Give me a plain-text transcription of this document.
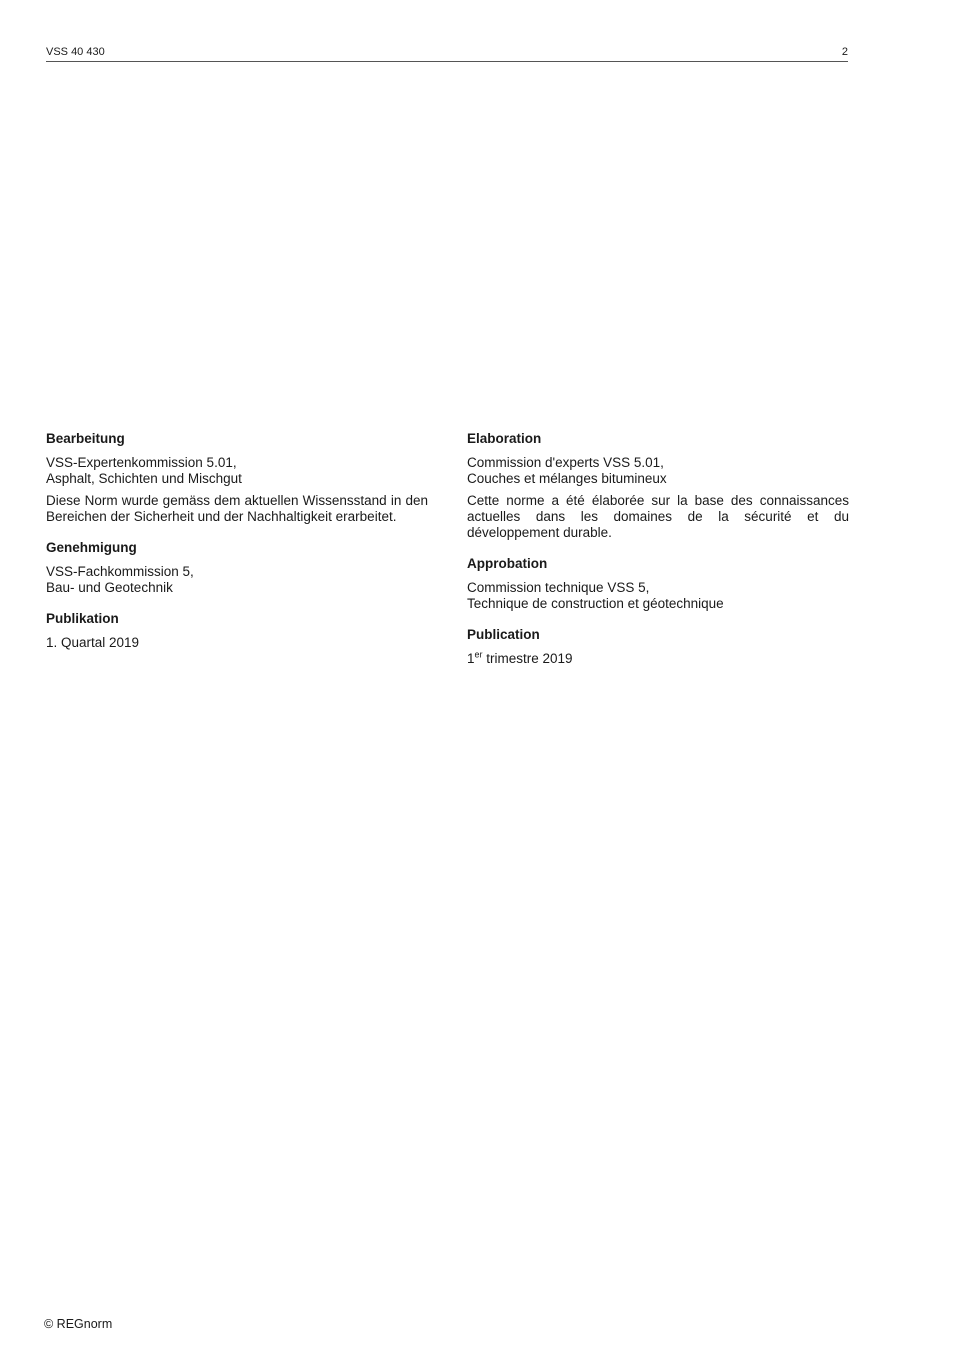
VSS 40 430	2
Bearbeitung
VSS-Expertenkommission 5.01,
Asphalt, Schichten und Mischgut
Diese Norm wurde gemäss dem aktuellen Wissensstand in den Bereichen der Sicherheit und der Nachhaltigkeit erarbeitet.
Genehmigung
VSS-Fachkommission 5,
Bau- und Geotechnik
Publikation
1. Quartal 2019
Elaboration
Commission d'experts VSS 5.01,
Couches et mélanges bitumineux
Cette norme a été élaborée sur la base des connaissances actuelles dans les domaines de la sécurité et du développement durable.
Approbation
Commission technique VSS 5,
Technique de construction et géotechnique
Publication
1er trimestre 2019
© REGnorm
